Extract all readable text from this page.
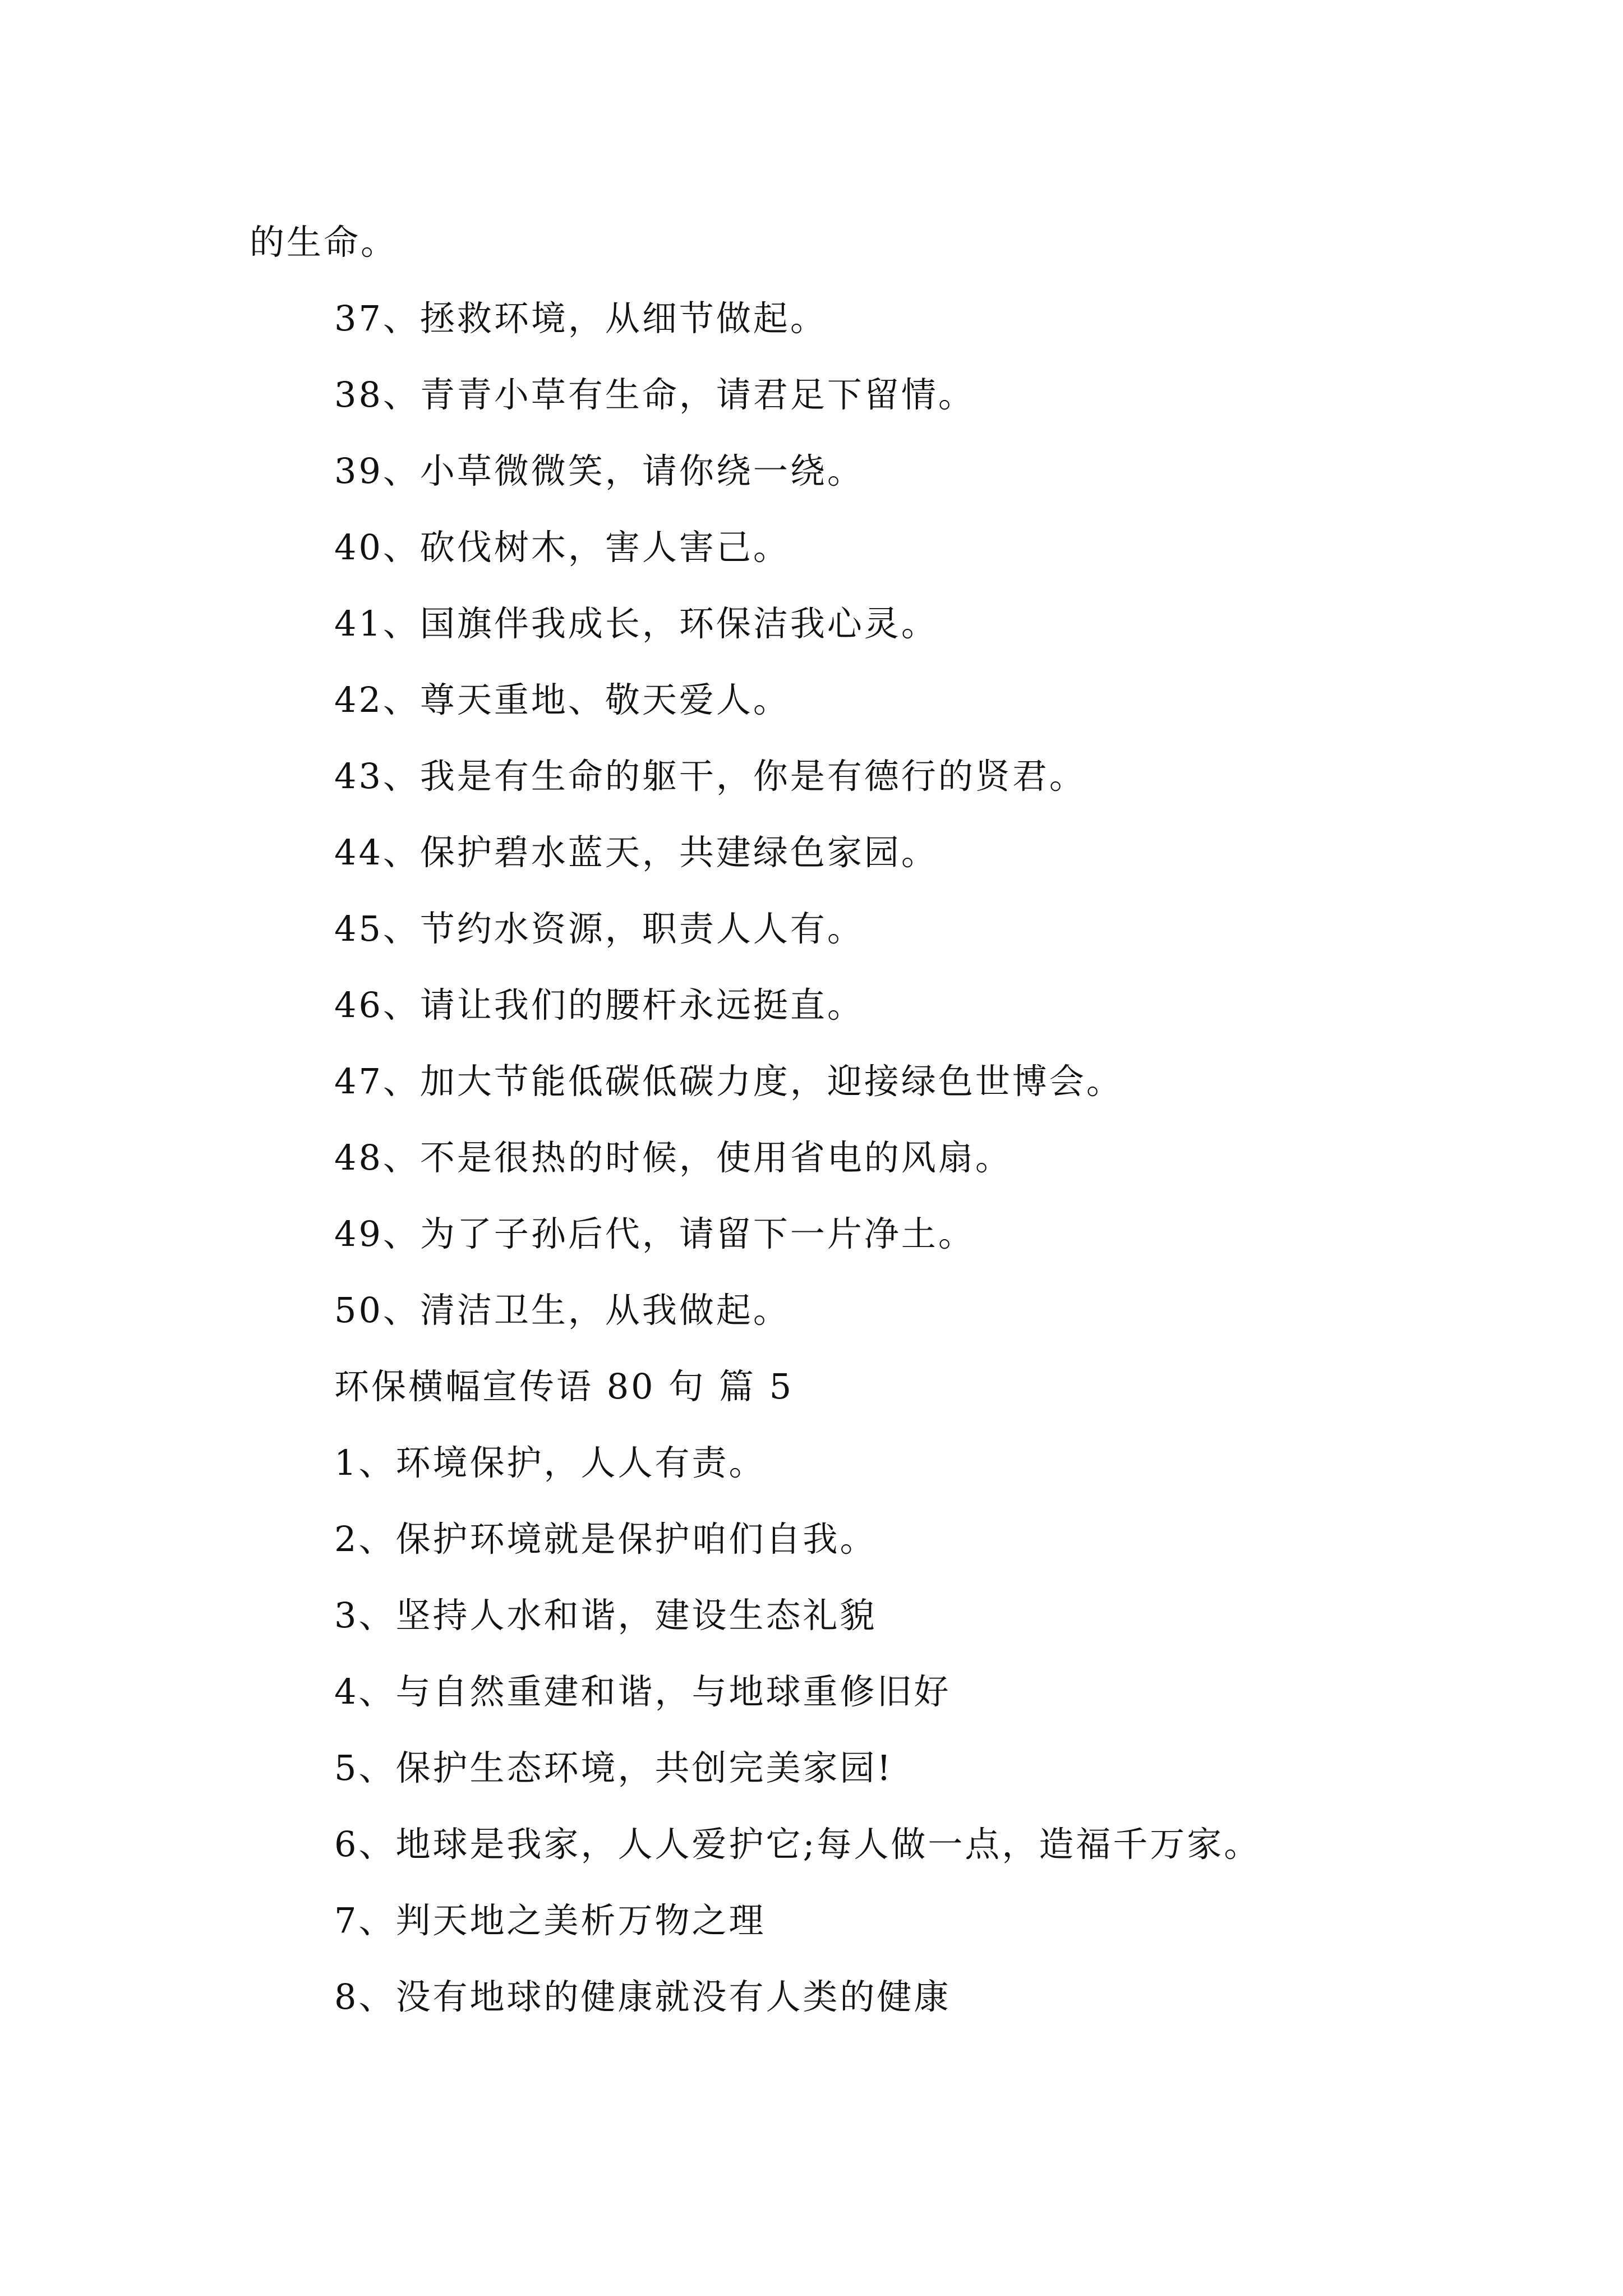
的生命。
37、拯救环境，从细节做起。
38、青青小草有生命，请君足下留情。
39、小草微微笑，请你绕一绕。
40、砍伐树木，害人害己。
41、国旗伴我成长，环保洁我心灵。
42、尊天重地、敬天爱人。
43、我是有生命的躯干，你是有德行的贤君。
44、保护碧水蓝天，共建绿色家园。
45、节约水资源，职责人人有。
46、请让我们的腰杆永远挺直。
47、加大节能低碳低碳力度，迎接绿色世博会。
48、不是很热的时候，使用省电的风扇。
49、为了子孙后代，请留下一片净土。
50、清洁卫生，从我做起。
环保横幅宣传语 80 句 篇 5
1、环境保护，人人有责。
2、保护环境就是保护咱们自我。
3、坚持人水和谐，建设生态礼貌
4、与自然重建和谐，与地球重修旧好
5、保护生态环境，共创完美家园!
6、地球是我家，人人爱护它;每人做一点，造福千万家。
7、判天地之美析万物之理
8、没有地球的健康就没有人类的健康
